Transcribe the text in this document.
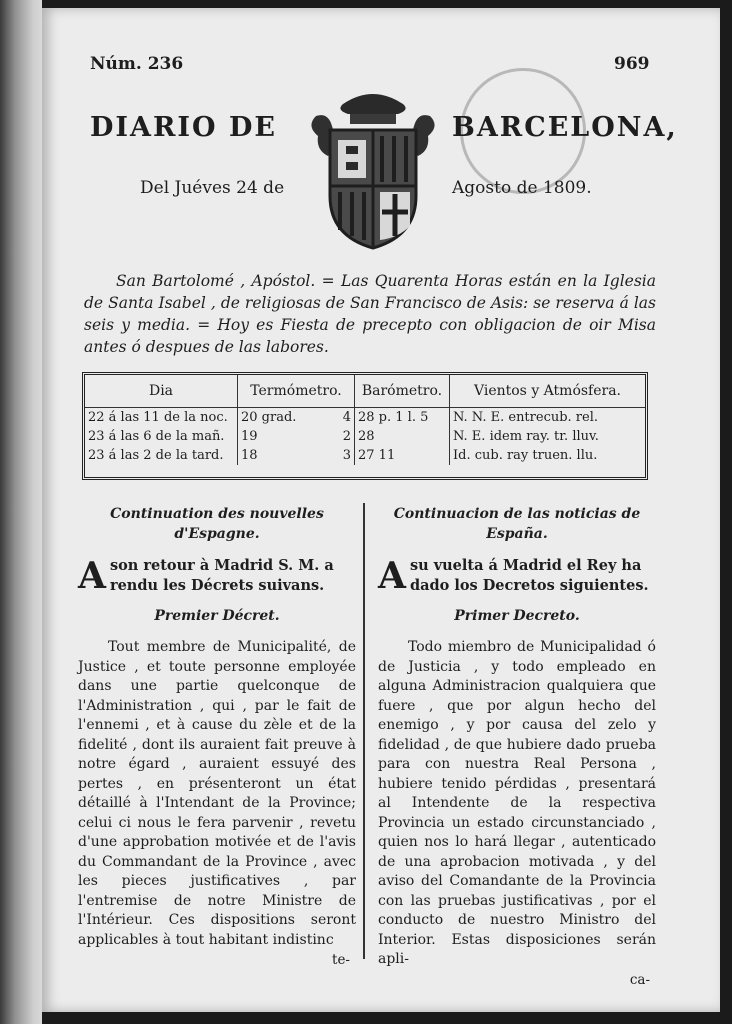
Núm. 236	969
DIARIO DE	BARCELONA,
Del Juéves 24 de	Agosto de 1809.
San Bartolomé , Apóstol. = Las Quarenta Horas están en la Iglesia de Santa Isabel , de religiosas de San Francisco de Asis: se reserva á las seis y media. = Hoy es Fiesta de precepto con obligacion de oir Misa antes ó despues de las labores.
Dia	Termómetro.	Barómetro.	Vientos y Atmósfera.
22 á las 11 de la noc.	20 grad. 4	28 p. 1 l. 5	N. N. E. entrecub. rel.
23 á las 6 de la mañ.	19 2	28	N. E. idem ray. tr. lluv.
23 á las 2 de la tard.	18 3	27 11	Id. cub. ray truen. llu.
Continuation des nouvelles d'Espagne.

Ason retour à Madrid S. M. a rendu les Décrets suivans.

Premier Décret.

Tout membre de Municipalité, de Justice , et toute personne employée dans une partie quelconque de l'Administration , qui , par le fait de l'ennemi , et à cause du zèle et de la fidelité , dont ils auraient fait preuve à notre égard , auraient essuyé des pertes , en présenteront un état détaillé à l'Intendant de la Province; celui ci nous le fera parvenir , revetu d'une approbation motivée et de l'avis du Commandant de la Province , avec les pieces justificatives , par l'entremise de notre Ministre de l'Intérieur. Ces dispositions seront applicables à tout habitant indistinc

te-
Continuacion de las noticias de España.

Asu vuelta á Madrid el Rey ha dado los Decretos siguientes.

Primer Decreto.

Todo miembro de Municipalidad ó de Justicia , y todo empleado en alguna Administracion qualquiera que fuere , que por algun hecho del enemigo , y por causa del zelo y fidelidad , de que hubiere dado prueba para con nuestra Real Persona , hubiere tenido pérdidas , presentará al Intendente de la respectiva Provincia un estado circunstanciado , quien nos lo hará llegar , autenticado de una aprobacion motivada , y del aviso del Comandante de la Provincia con las pruebas justificativas , por el conducto de nuestro Ministro del Interior. Estas disposiciones serán apli-

ca-
